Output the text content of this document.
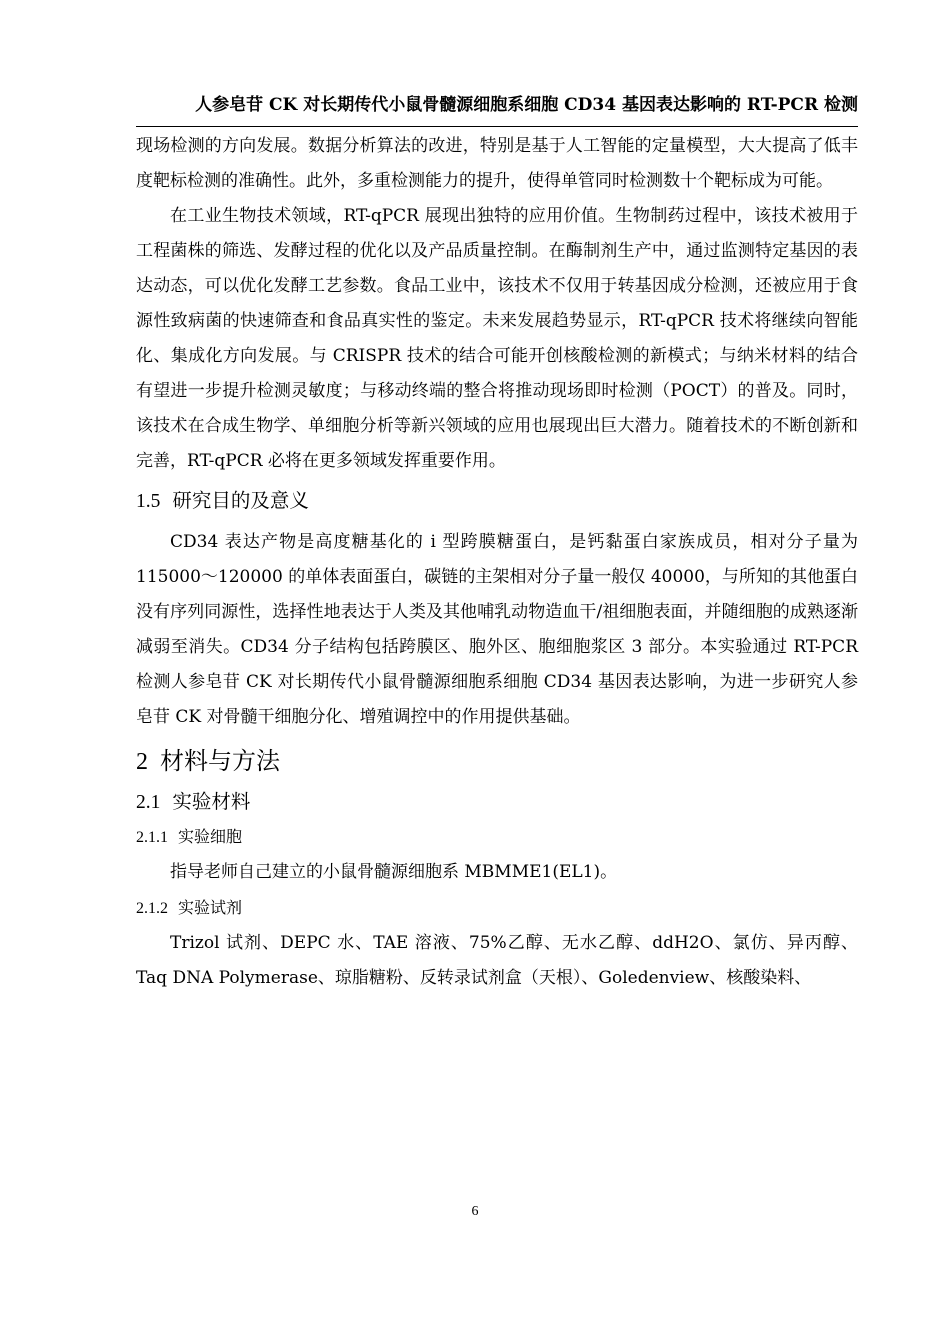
人参皂苷 CK 对长期传代小鼠骨髓源细胞系细胞 CD34 基因表达影响的 RT-PCR 检测

现场检测的方向发展。数据分析算法的改进，特别是基于人工智能的定量模型，大大提高了低丰度靶标检测的准确性。此外，多重检测能力的提升，使得单管同时检测数十个靶标成为可能。

在工业生物技术领域，RT-qPCR 展现出独特的应用价值。生物制药过程中，该技术被用于工程菌株的筛选、发酵过程的优化以及产品质量控制。在酶制剂生产中，通过监测特定基因的表达动态，可以优化发酵工艺参数。食品工业中，该技术不仅用于转基因成分检测，还被应用于食源性致病菌的快速筛查和食品真实性的鉴定。未来发展趋势显示，RT-qPCR 技术将继续向智能化、集成化方向发展。与 CRISPR 技术的结合可能开创核酸检测的新模式；与纳米材料的结合有望进一步提升检测灵敏度；与移动终端的整合将推动现场即时检测（POCT）的普及。同时，该技术在合成生物学、单细胞分析等新兴领域的应用也展现出巨大潜力。随着技术的不断创新和完善，RT-qPCR 必将在更多领域发挥重要作用。

1.5 研究目的及意义

CD34 表达产物是高度糖基化的 i 型跨膜糖蛋白，是钙黏蛋白家族成员，相对分子量为 115000～120000 的单体表面蛋白，碳链的主架相对分子量一般仅 40000，与所知的其他蛋白没有序列同源性，选择性地表达于人类及其他哺乳动物造血干/祖细胞表面，并随细胞的成熟逐渐减弱至消失。CD34 分子结构包括跨膜区、胞外区、胞细胞浆区 3 部分。本实验通过 RT-PCR 检测人参皂苷 CK 对长期传代小鼠骨髓源细胞系细胞 CD34 基因表达影响，为进一步研究人参皂苷 CK 对骨髓干细胞分化、增殖调控中的作用提供基础。

2 材料与方法
2.1 实验材料
2.1.1 实验细胞

指导老师自己建立的小鼠骨髓源细胞系 MBMME1(EL1)。

2.1.2 实验试剂

Trizol 试剂、DEPC 水、TAE 溶液、75%乙醇、无水乙醇、ddH2O、氯仿、异丙醇、Taq DNA Polymerase、琼脂糖粉、反转录试剂盒（天根）、Goledenview、核酸染料、

6
